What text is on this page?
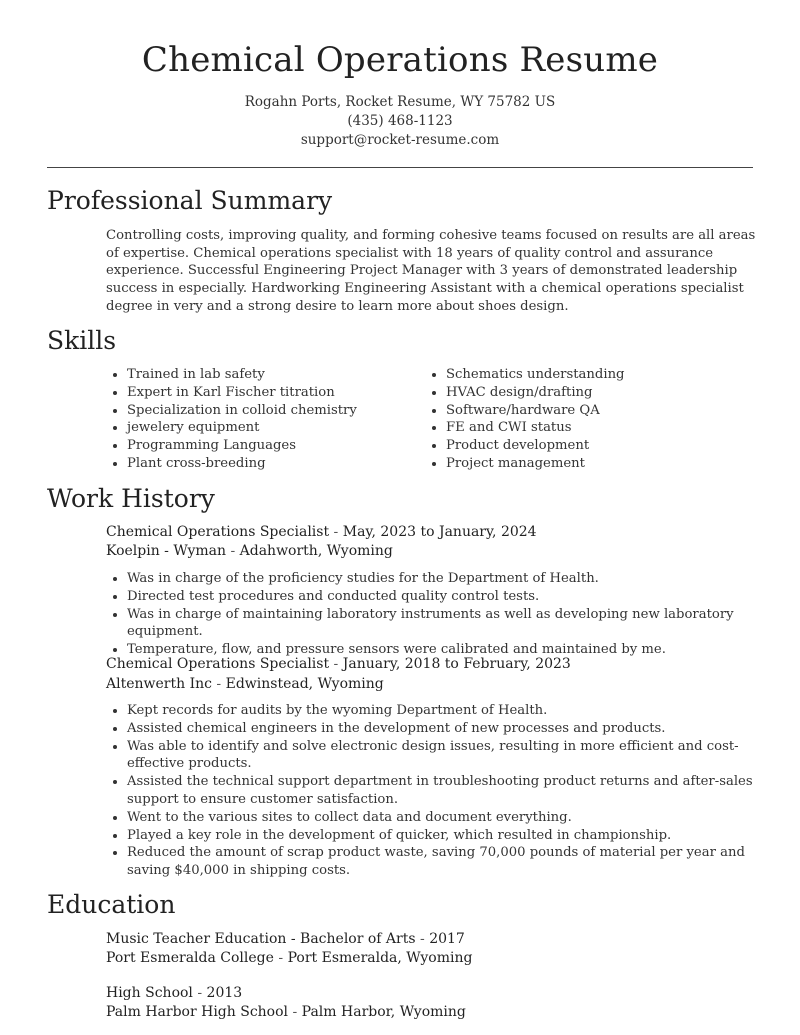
Chemical Operations Resume
Rogahn Ports, Rocket Resume, WY 75782 US
(435) 468-1123
support@rocket-resume.com
Professional Summary
Controlling costs, improving quality, and forming cohesive teams focused on results are all areas of expertise. Chemical operations specialist with 18 years of quality control and assurance experience. Successful Engineering Project Manager with 3 years of demonstrated leadership success in especially. Hardworking Engineering Assistant with a chemical operations specialist degree in very and a strong desire to learn more about shoes design.
Skills
• Trained in lab safety
• Expert in Karl Fischer titration
• Specialization in colloid chemistry
• jewelery equipment
• Programming Languages
• Plant cross-breeding
• Schematics understanding
• HVAC design/drafting
• Software/hardware QA
• FE and CWI status
• Product development
• Project management
Work History
Chemical Operations Specialist - May, 2023 to January, 2024
Koelpin - Wyman - Adahworth, Wyoming
• Was in charge of the proficiency studies for the Department of Health.
• Directed test procedures and conducted quality control tests.
• Was in charge of maintaining laboratory instruments as well as developing new laboratory equipment.
• Temperature, flow, and pressure sensors were calibrated and maintained by me.
Chemical Operations Specialist - January, 2018 to February, 2023
Altenwerth Inc - Edwinstead, Wyoming
• Kept records for audits by the wyoming Department of Health.
• Assisted chemical engineers in the development of new processes and products.
• Was able to identify and solve electronic design issues, resulting in more efficient and cost-effective products.
• Assisted the technical support department in troubleshooting product returns and after-sales support to ensure customer satisfaction.
• Went to the various sites to collect data and document everything.
• Played a key role in the development of quicker, which resulted in championship.
• Reduced the amount of scrap product waste, saving 70,000 pounds of material per year and saving $40,000 in shipping costs.
Education
Music Teacher Education - Bachelor of Arts - 2017
Port Esmeralda College - Port Esmeralda, Wyoming
High School - 2013
Palm Harbor High School - Palm Harbor, Wyoming
